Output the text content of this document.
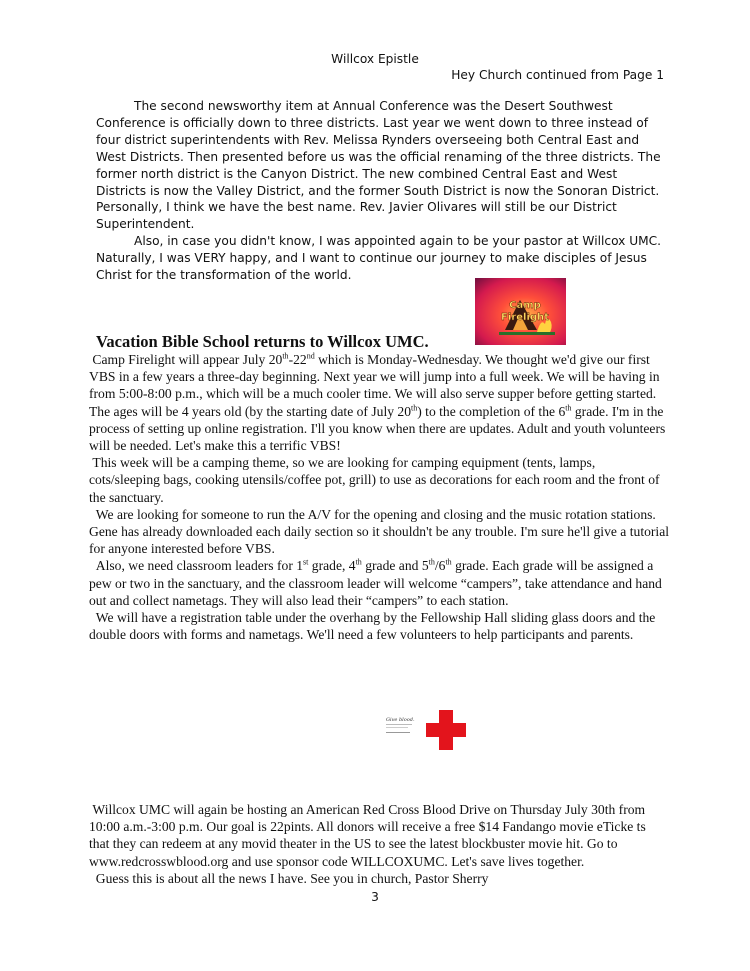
Willcox Epistle
Hey Church continued from Page 1

The second newsworthy item at Annual Conference was the Desert Southwest Conference is officially down to three districts. Last year we went down to three instead of four district superintendents with Rev. Melissa Rynders overseeing both Central East and West Districts. Then presented before us was the official renaming of the three districts. The former north district is the Canyon District. The new combined Central East and West Districts is now the Valley District, and the former South District is now the Sonoran District. Personally, I think we have the best name. Rev. Javier Olivares will still be our District Superintendent.

Also, in case you didn't know, I was appointed again to be your pastor at Willcox UMC. Naturally, I was VERY happy, and I want to continue our journey to make disciples of Jesus Christ for the transformation of the world.

Camp
Firelight
Vacation Bible School returns to Willcox UMC.

Camp Firelight will appear July 20th-22nd which is Monday-Wednesday. We thought we'd give our first VBS in a few years a three-day beginning. Next year we will jump into a full week. We will be having in from 5:00-8:00 p.m., which will be a much cooler time. We will also serve supper before getting started. The ages will be 4 years old (by the starting date of July 20th) to the completion of the 6th grade. I'm in the process of setting up online registration. I'll you know when there are updates. Adult and youth volunteers will be needed. Let's make this a terrific VBS!

This week will be a camping theme, so we are looking for camping equipment (tents, lamps, cots/sleeping bags, cooking utensils/coffee pot, grill) to use as decorations for each room and the front of the sanctuary.

We are looking for someone to run the A/V for the opening and closing and the music rotation stations. Gene has already downloaded each daily section so it shouldn't be any trouble. I'm sure he'll give a tutorial for anyone interested before VBS.

Also, we need classroom leaders for 1st grade, 4th grade and 5th/6th grade. Each grade will be assigned a pew or two in the sanctuary, and the classroom leader will welcome “campers”, take attendance and hand out and collect nametags. They will also lead their “campers” to each station.

We will have a registration table under the overhang by the Fellowship Hall sliding glass doors and the double doors with forms and nametags. We'll need a few volunteers to help participants and parents.

Give blood.

Willcox UMC will again be hosting an American Red Cross Blood Drive on Thursday July 30th from 10:00 a.m.-3:00 p.m. Our goal is 22pints. All donors will receive a free $14 Fandango movie eTicke ts that they can redeem at any movid theater in the US to see the latest blockbuster movie hit. Go to www.redcrosswblood.org and use sponsor code WILLCOXUMC. Let's save lives together.

Guess this is about all the news I have. See you in church, Pastor Sherry

3
